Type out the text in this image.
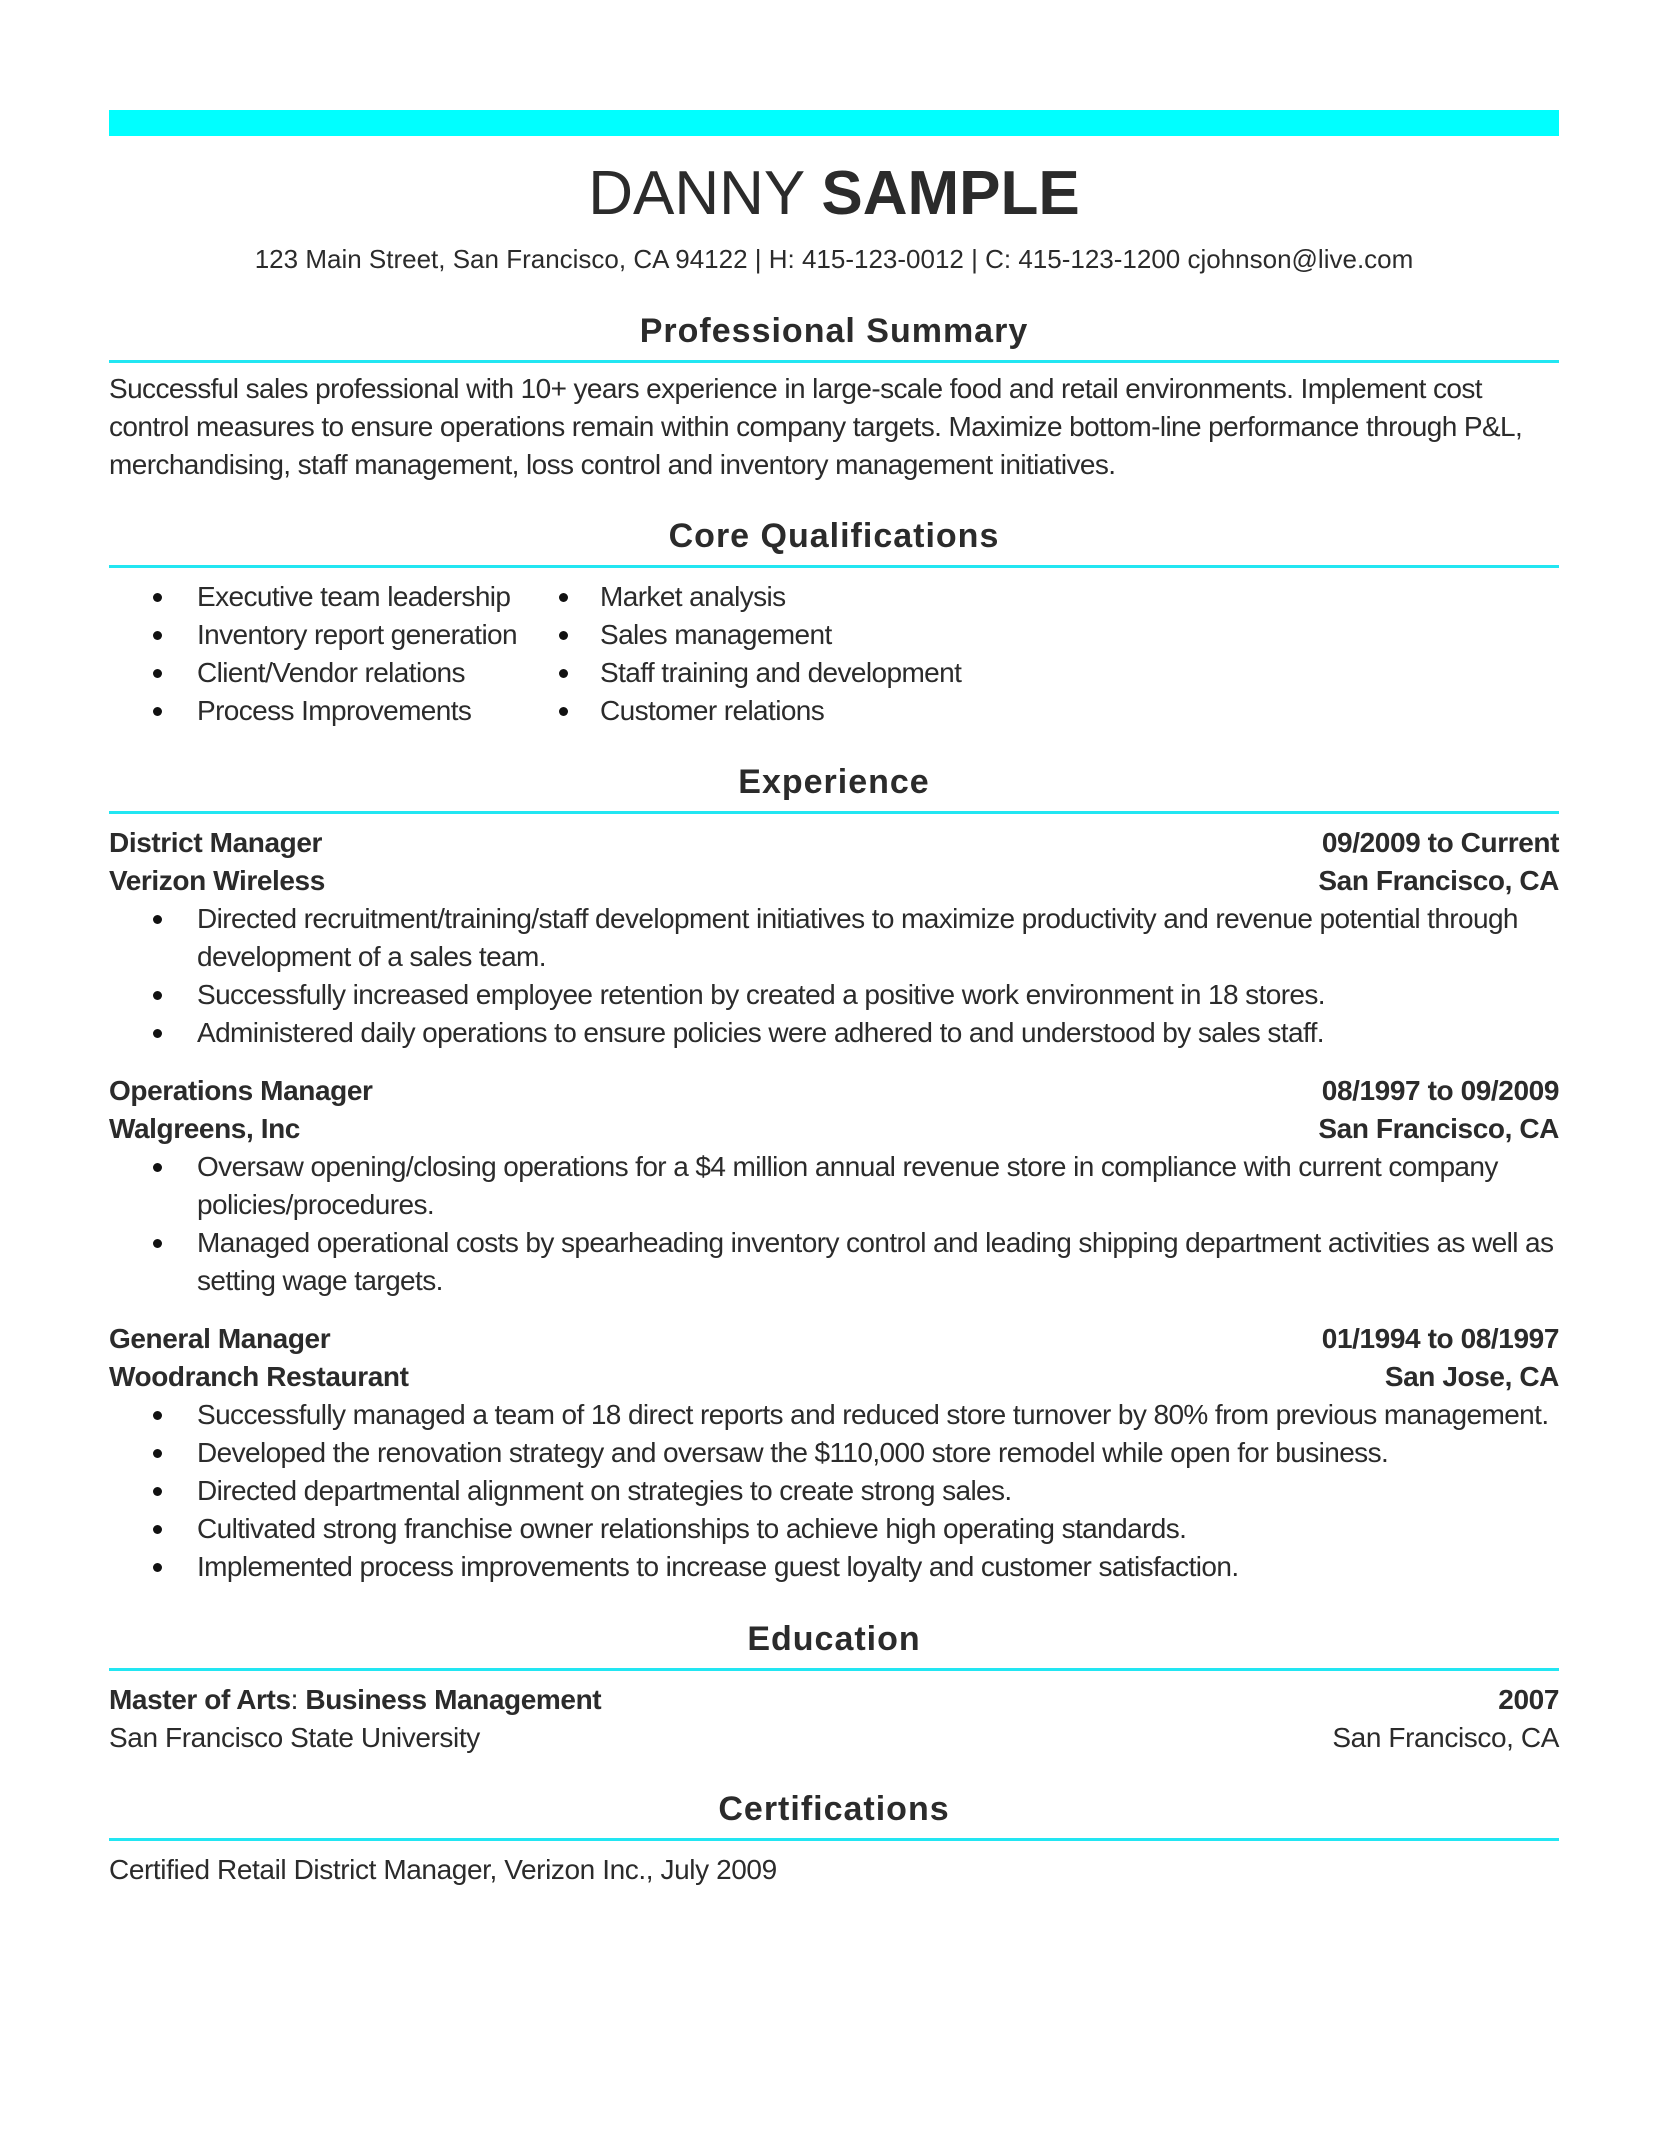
DANNY SAMPLE
123 Main Street, San Francisco, CA 94122 | H: 415-123-0012 | C: 415-123-1200 cjohnson@live.com
Professional Summary
Successful sales professional with 10+ years experience in large-scale food and retail environments. Implement cost control measures to ensure operations remain within company targets. Maximize bottom-line performance through P&L, merchandising, staff management, loss control and inventory management initiatives.
Core Qualifications
Executive team leadership
Inventory report generation
Client/Vendor relations
Process Improvements
Market analysis
Sales management
Staff training and development
Customer relations
Experience
District Manager	09/2009 to Current
Verizon Wireless	San Francisco, CA
Directed recruitment/training/staff development initiatives to maximize productivity and revenue potential through development of a sales team.
Successfully increased employee retention by created a positive work environment in 18 stores.
Administered daily operations to ensure policies were adhered to and understood by sales staff.
Operations Manager	08/1997 to 09/2009
Walgreens, Inc	San Francisco, CA
Oversaw opening/closing operations for a $4 million annual revenue store in compliance with current company policies/procedures.
Managed operational costs by spearheading inventory control and leading shipping department activities as well as setting wage targets.
General Manager	01/1994 to 08/1997
Woodranch Restaurant	San Jose, CA
Successfully managed a team of 18 direct reports and reduced store turnover by 80% from previous management.
Developed the renovation strategy and oversaw the $110,000 store remodel while open for business.
Directed departmental alignment on strategies to create strong sales.
Cultivated strong franchise owner relationships to achieve high operating standards.
Implemented process improvements to increase guest loyalty and customer satisfaction.
Education
Master of Arts: Business Management	2007
San Francisco State University	San Francisco, CA
Certifications
Certified Retail District Manager, Verizon Inc., July 2009
